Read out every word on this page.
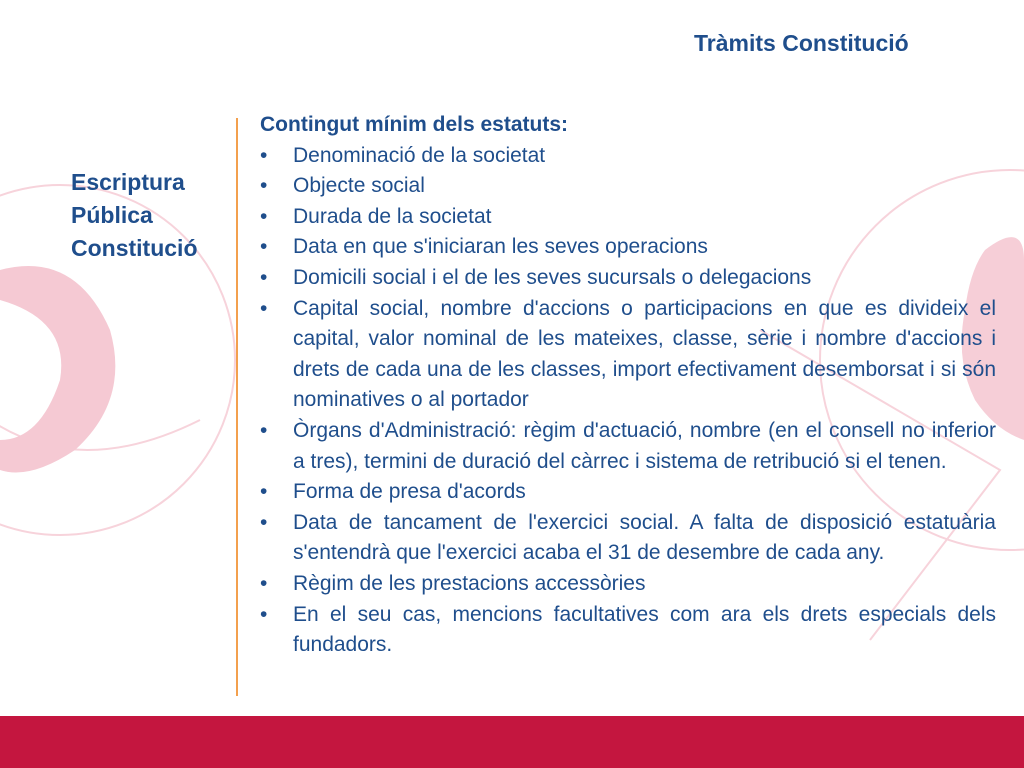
Tràmits Constitució
Escriptura
Pública
Constitució

Contingut mínim dels estatuts:

• Denominació de la societat
• Objecte social
• Durada de la societat
• Data en que s'iniciaran les seves operacions
• Domicili social i el de les seves sucursals o delegacions
• Capital social, nombre d'accions o participacions en que es divideix el capital, valor nominal de les mateixes, classe, sèrie i nombre d'accions i drets de cada una de les classes, import efectivament desemborsat i si són nominatives o al portador
• Òrgans d'Administració: règim d'actuació, nombre (en el consell no inferior a tres), termini de duració del càrrec i sistema de retribució si el tenen.
• Forma de presa d'acords
• Data de tancament de l'exercici social. A falta de disposició estatuària s'entendrà que l'exercici acaba el 31 de desembre de cada any.
• Règim de les prestacions accessòries
• En el seu cas, mencions facultatives com ara els drets especials dels fundadors.
